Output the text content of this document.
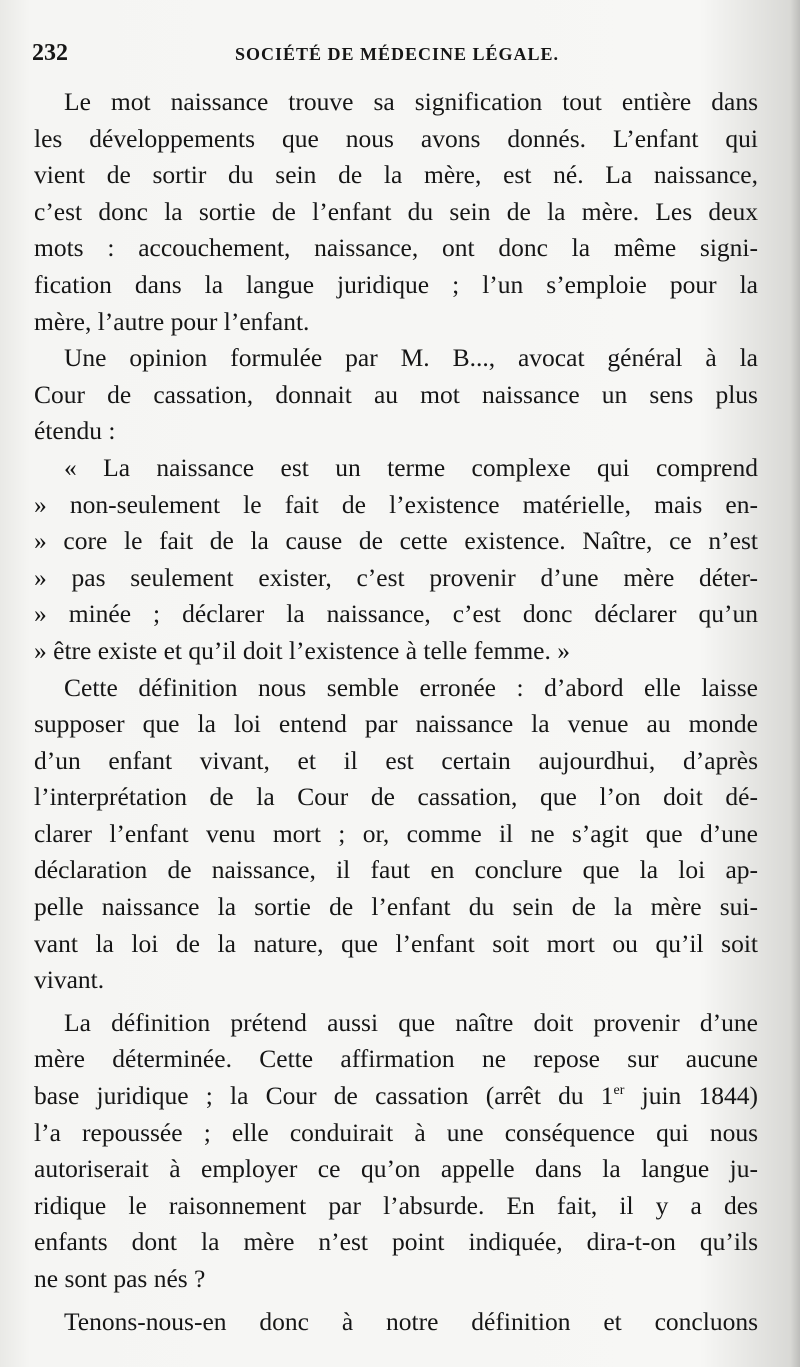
232	SOCIÉTÉ DE MÉDECINE LÉGALE.
Le mot naissance trouve sa signification tout entière dans
les développements que nous avons donnés. L’enfant qui
vient de sortir du sein de la mère, est né. La naissance,
c’est donc la sortie de l’enfant du sein de la mère. Les deux
mots : accouchement, naissance, ont donc la même signi-
fication dans la langue juridique ; l’un s’emploie pour la
mère, l’autre pour l’enfant.
Une opinion formulée par M. B..., avocat général à la
Cour de cassation, donnait au mot naissance un sens plus
étendu :
« La naissance est un terme complexe qui comprend
» non-seulement le fait de l’existence matérielle, mais en-
» core le fait de la cause de cette existence. Naître, ce n’est
» pas seulement exister, c’est provenir d’une mère déter-
» minée ; déclarer la naissance, c’est donc déclarer qu’un
» être existe et qu’il doit l’existence à telle femme. »
Cette définition nous semble erronée : d’abord elle laisse
supposer que la loi entend par naissance la venue au monde
d’un enfant vivant, et il est certain aujourdhui, d’après
l’interprétation de la Cour de cassation, que l’on doit dé-
clarer l’enfant venu mort ; or, comme il ne s’agit que d’une
déclaration de naissance, il faut en conclure que la loi ap-
pelle naissance la sortie de l’enfant du sein de la mère sui-
vant la loi de la nature, que l’enfant soit mort ou qu’il soit
vivant.
La définition prétend aussi que naître doit provenir d’une
mère déterminée. Cette affirmation ne repose sur aucune
base juridique ; la Cour de cassation (arrêt du 1er juin 1844)
l’a repoussée ; elle conduirait à une conséquence qui nous
autoriserait à employer ce qu’on appelle dans la langue ju-
ridique le raisonnement par l’absurde. En fait, il y a des
enfants dont la mère n’est point indiquée, dira-t-on qu’ils
ne sont pas nés ?
Tenons-nous-en donc à notre définition et concluons
